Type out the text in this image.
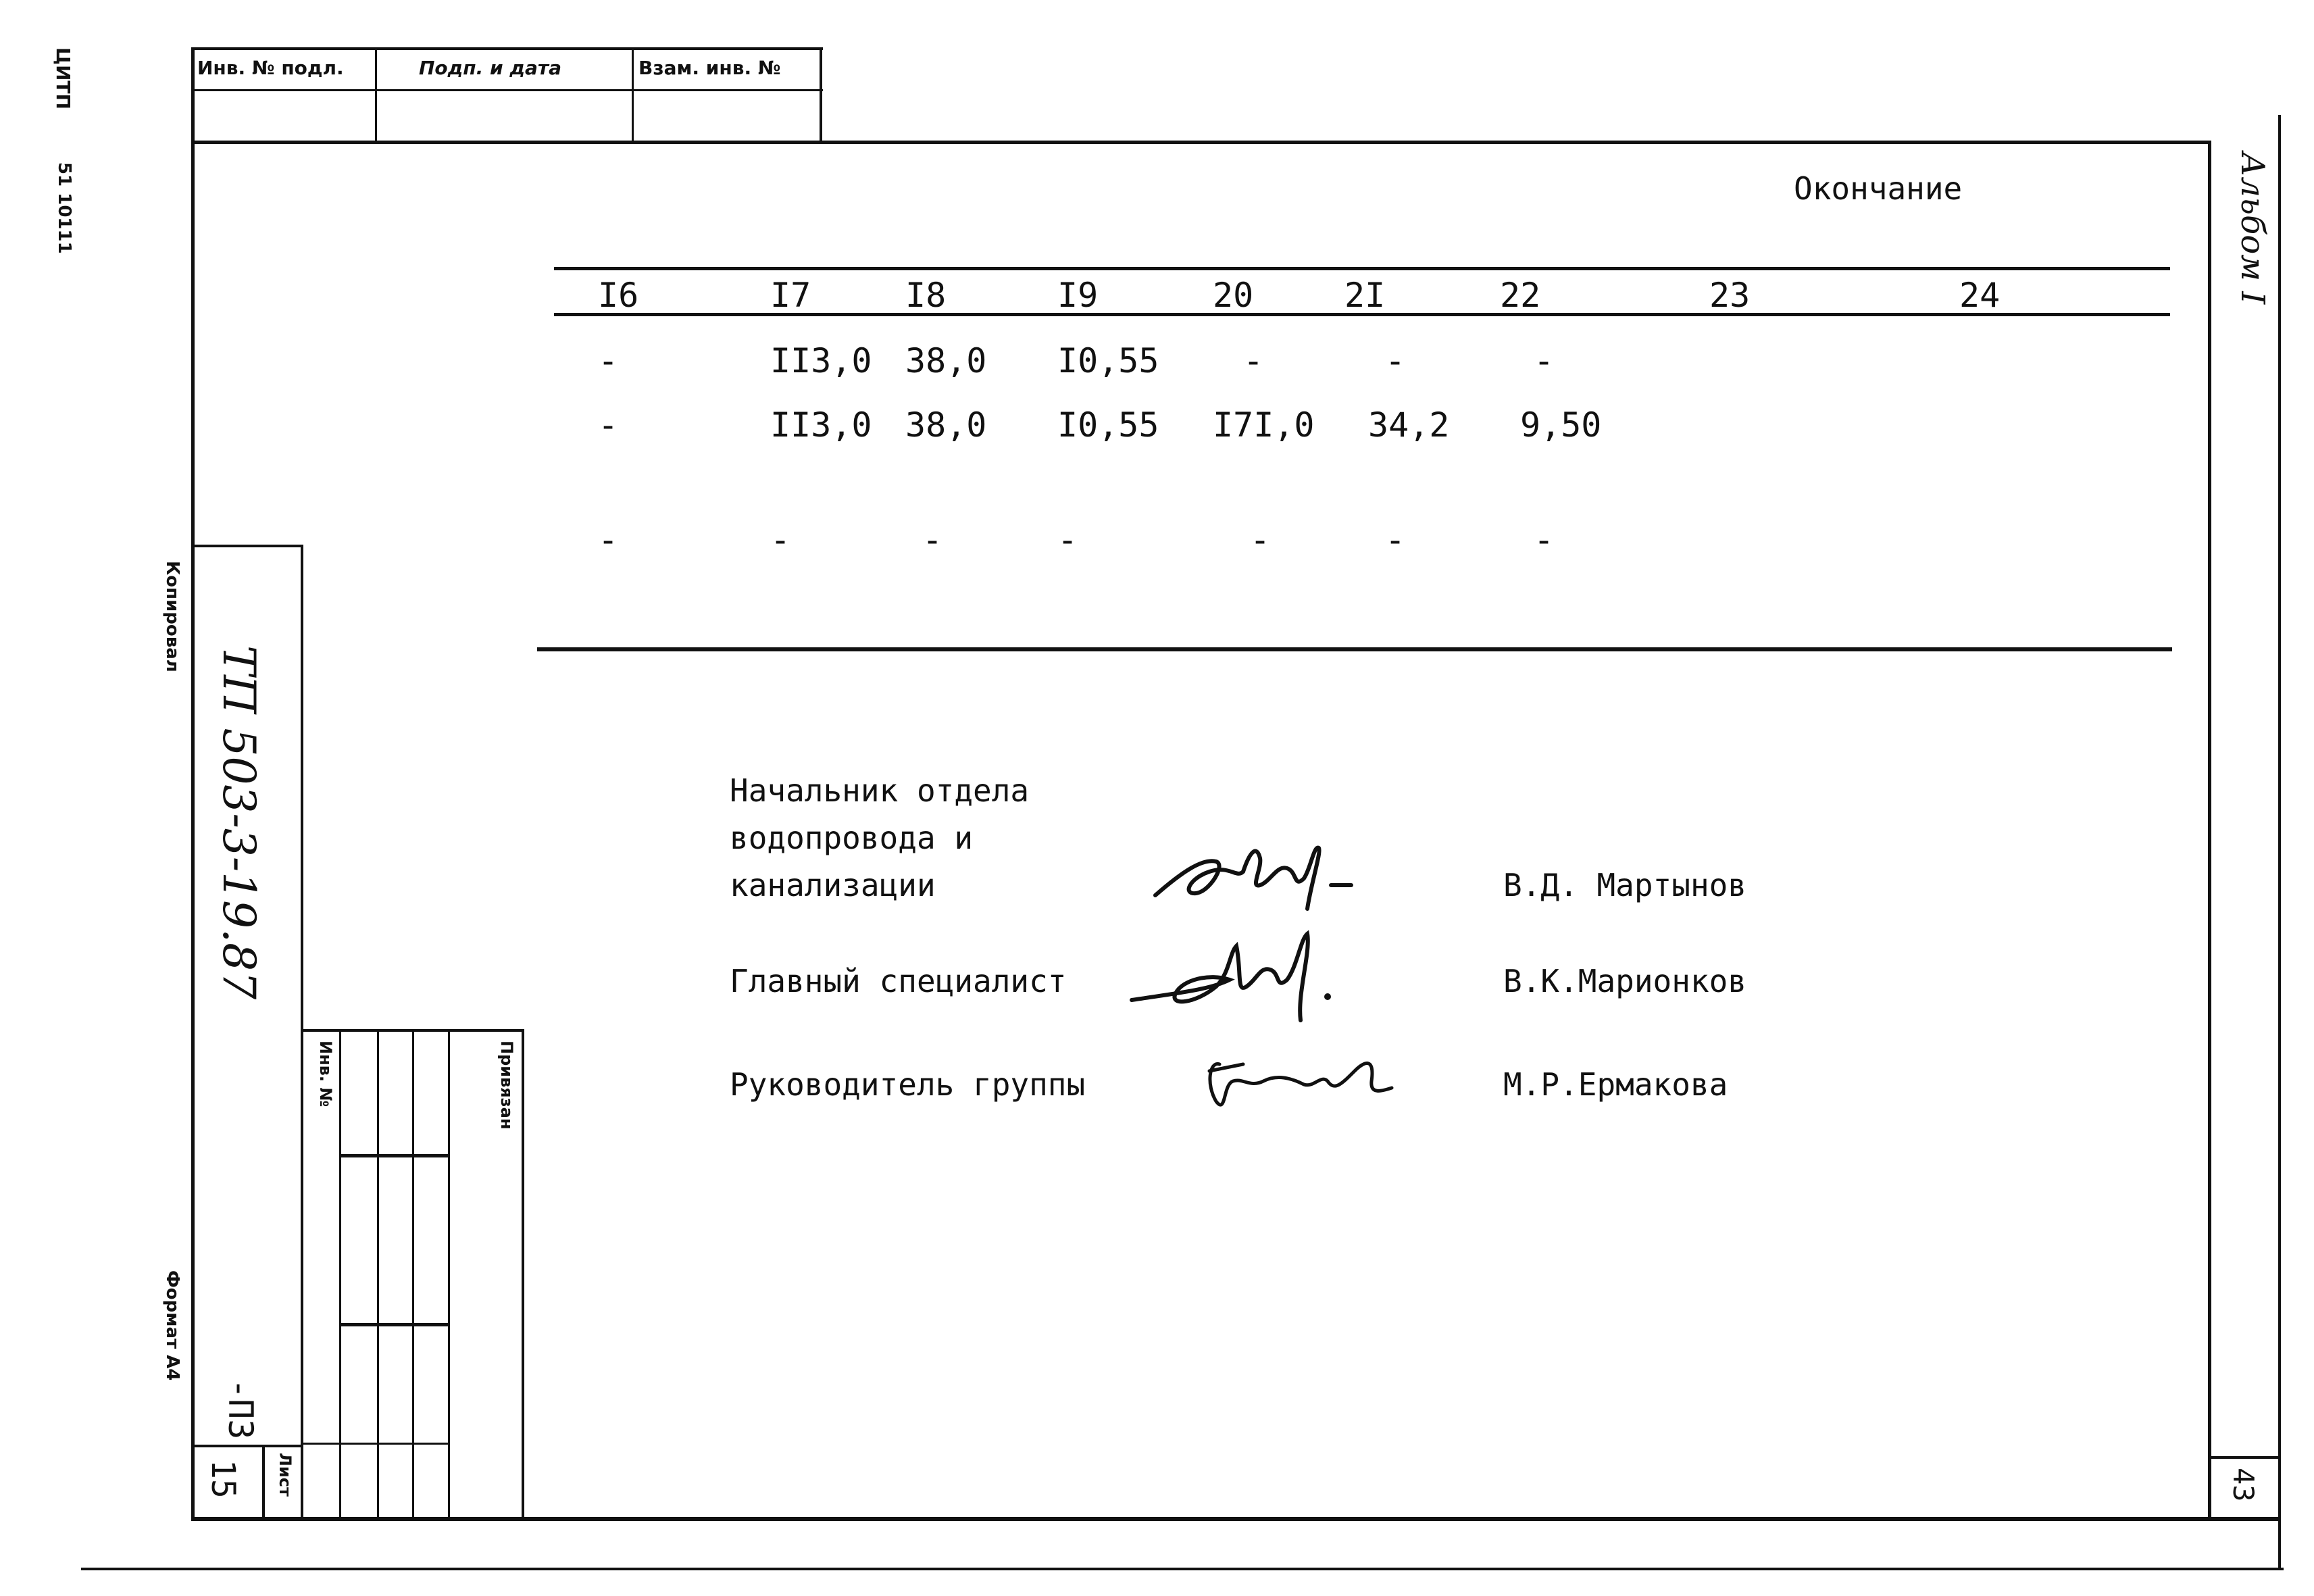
Инв. № подл.	Подп. и дата	Взам. инв. №
ЦИТП
51 10111
Копировал
Формат А4
ТП 503-3-19.87
-П3
15 Лист
Инв. №	Привязан
Альбом I
43
Окончание
I6	I7	I8	I9	20	2I	22	23	24
-	II3,0 38,0 I0,55 -	-	-
-	II3,0 38,0 I0,55 I7I,0 34,2 9,50
-	-	-	-	-	-	-
Начальник отдела
водопровода и
канализации	В.Д. Мартынов
Главный специалист	В.К.Марионков
Руководитель группы	М.Р.Ермакова
